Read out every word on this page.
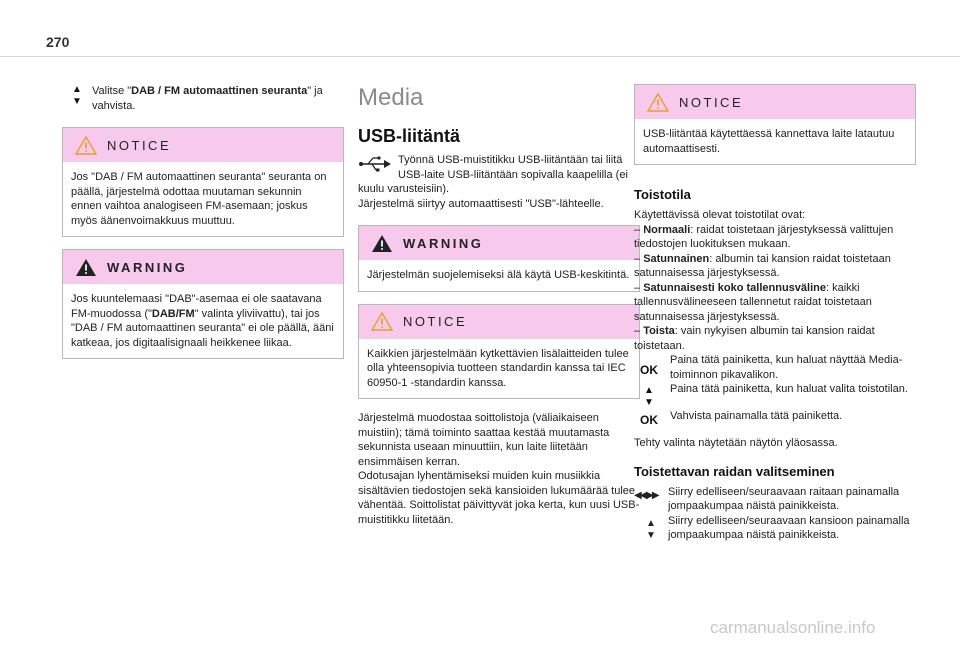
270
▲
▼

Valitse "DAB / FM automaattinen seuranta" ja vahvista.

NOTICE

Jos "DAB / FM automaattinen seuranta" seuranta on päällä, järjestelmä odottaa muutaman sekunnin ennen vaihtoa analogiseen FM-asemaan; joskus myös äänenvoimakkuus muuttuu.

WARNING

Jos kuuntelemaasi "DAB"-asemaa ei ole saatavana FM-muodossa ("DAB/FM" valinta yliviivattu), tai jos "DAB / FM automaattinen seuranta" ei ole päällä, ääni katkeaa, jos digitaalisignaali heikkenee liikaa.

Media
USB-liitäntä

Työnnä USB-muistitikku USB-liitäntään tai liitä USB-laite USB-liitäntään sopivalla kaapelilla (ei kuulu varusteisiin).

Järjestelmä siirtyy automaattisesti "USB"-lähteelle.

WARNING

Järjestelmän suojelemiseksi älä käytä USB-keskitintä.

NOTICE

Kaikkien järjestelmään kytkettävien lisälaitteiden tulee olla yhteensopivia tuotteen standardin kanssa tai IEC 60950-1 -standardin kanssa.

Järjestelmä muodostaa soittolistoja (väliaikaiseen muistiin); tämä toiminto saattaa kestää muutamasta sekunnista useaan minuuttiin, kun laite liitetään ensimmäisen kerran.

Odotusajan lyhentämiseksi muiden kuin musiikkia sisältävien tiedostojen sekä kansioiden lukumäärää tulee vähentää. Soittolistat päivittyvät joka kerta, kun uusi USB-muistitikku liitetään.

NOTICE

USB-liitäntää käytettäessä kannettava laite latautuu automaattisesti.

Toistotila

Käytettävissä olevat toistotilat ovat:

– Normaali: raidat toistetaan järjestyksessä valittujen tiedostojen luokituksen mukaan.

– Satunnainen: albumin tai kansion raidat toistetaan satunnaisessa järjestyksessä.

– Satunnaisesti koko tallennusväline: kaikki tallennusvälineeseen tallennetut raidat toistetaan satunnaisessa järjestyksessä.

– Toista: vain nykyisen albumin tai kansion raidat toistetaan.

OK

Paina tätä painiketta, kun haluat näyttää Media-toiminnon pikavalikon.

▲
▼

Paina tätä painiketta, kun haluat valita toistotilan.

OK	Vahvista painamalla tätä painiketta.

Tehty valinta näytetään näytön yläosassa.

Toistettavan raidan valitseminen

◀◀ ▶▶ Siirry edelliseen/seuraavaan raitaan painamalla jompaakumpaa näistä painikkeista.

▲
▼
Siirry edelliseen/seuraavaan kansioon painamalla jompaakumpaa näistä painikkeista.

carmanualsonline.info
